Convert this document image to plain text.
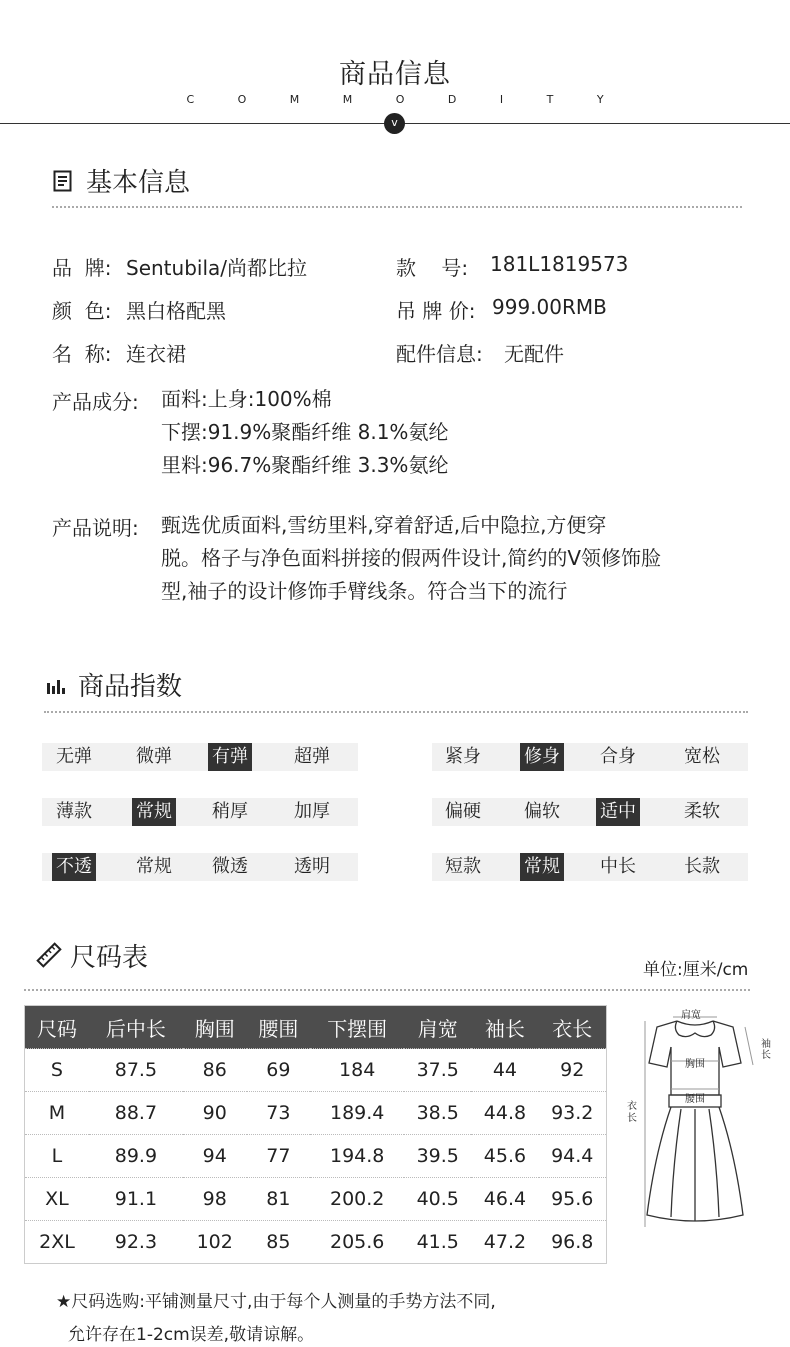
商品信息
C O M M O D I T Y
v
基本信息
品  牌: Sentubila/尚都比拉	款    号: 181L1819573
颜  色: 黑白格配黑	吊 牌 价: 999.00RMB
名  称: 连衣裙	配件信息: 无配件
产品成分: 面料:上身:100%棉
下摆:91.9%聚酯纤维 8.1%氨纶
里料:96.7%聚酯纤维 3.3%氨纶
产品说明: 甄选优质面料,雪纺里料,穿着舒适,后中隐拉,方便穿
脱。格子与净色面料拼接的假两件设计,简约的V领修饰脸
型,袖子的设计修饰手臂线条。符合当下的流行
商品指数
无弹 微弹 有弹	超弹	紧身 修身 合身	宽松
薄款 常规 稍厚	加厚	偏硬 偏软 适中	柔软
不透 常规 微透	透明	短款 常规 中长	长款
尺码表	单位:厘米/cm
尺码	后中长	胸围	腰围	下摆围	肩宽	袖长	衣长
S	87.5	86	69	184	37.5	44	92
M	88.7	90	73	189.4	38.5	44.8	93.2
L	89.9	94	77	194.8	39.5	45.6	94.4
XL	91.1	98	81	200.2	40.5	46.4	95.6
2XL	92.3	102	85	205.6	41.5	47.2	96.8
肩宽
胸围
腰围
袖长
衣长
★尺码选购:平铺测量尺寸,由于每个人测量的手势方法不同,
允许存在1-2cm误差,敬请谅解。
